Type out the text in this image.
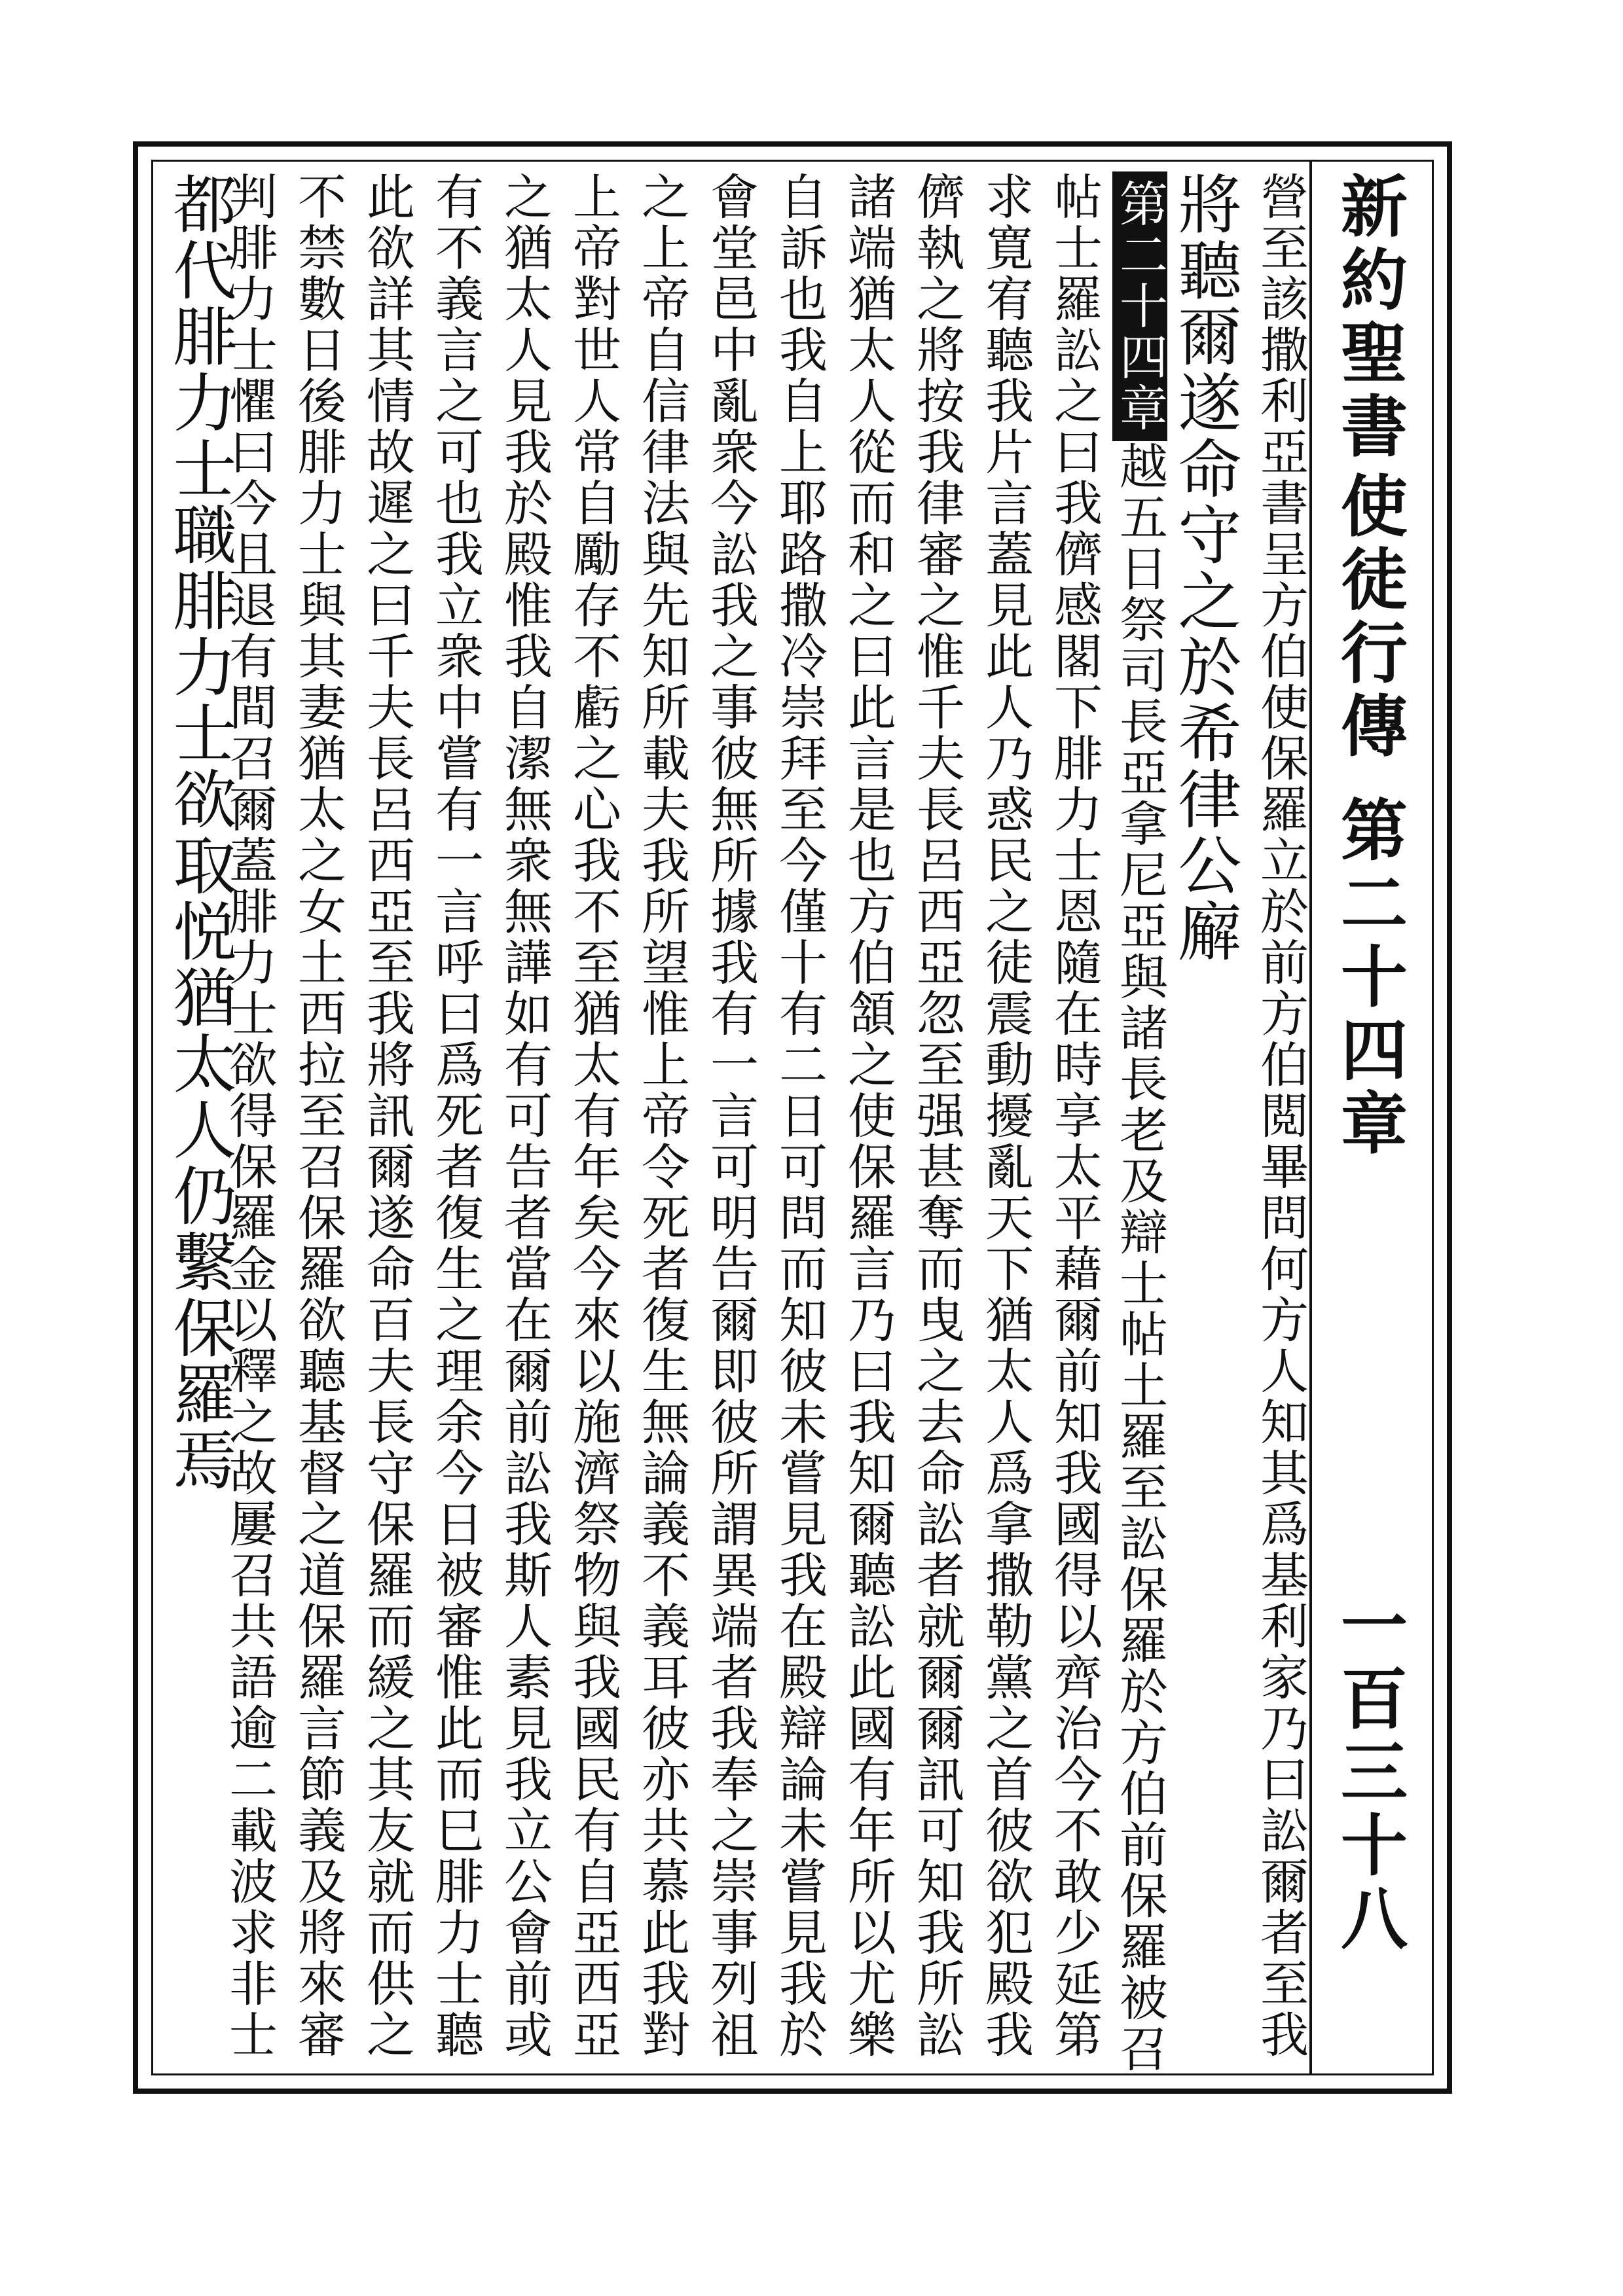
新約聖書
使徒行傳
第二十四章
一百三十八
營至該撒利亞書呈方伯使保羅立於前方伯閲畢問何方人知其爲基利家乃曰訟爾者至我
將聽爾遂命守之於希律公廨
第二十四章越五日祭司長亞拿尼亞與諸長老及辯士帖土羅至訟保羅於方伯前保羅被召
帖士羅訟之曰我儕感閣下腓力士恩隨在時享太平藉爾前知我國得以齊治今不敢少延第
求寛宥聽我片言蓋見此人乃惑民之徒震動擾亂天下猶太人爲拿撒勒黨之首彼欲犯殿我
儕執之將按我律審之惟千夫長呂西亞忽至强甚奪而曳之去命訟者就爾爾訊可知我所訟
諸端猶太人從而和之曰此言是也方伯頷之使保羅言乃曰我知爾聽訟此國有年所以尤樂
自訴也我自上耶路撒冷崇拜至今僅十有二日可問而知彼未嘗見我在殿辯論未嘗見我於
會堂邑中亂衆今訟我之事彼無所據我有一言可明告爾即彼所謂異端者我奉之崇事列祖
之上帝自信律法與先知所載夫我所望惟上帝令死者復生無論義不義耳彼亦共慕此我對
上帝對世人常自勵存不虧之心我不至猶太有年矣今來以施濟祭物與我國民有自亞西亞
之猶太人見我於殿惟我自潔無衆無譁如有可告者當在爾前訟我斯人素見我立公會前或
有不義言之可也我立衆中嘗有一言呼曰爲死者復生之理余今日被審惟此而巳腓力士聽
此欲詳其情故遲之曰千夫長呂西亞至我將訊爾遂命百夫長守保羅而緩之其友就而供之
不禁數日後腓力士與其妻猶太之女土西拉至召保羅欲聽基督之道保羅言節義及將來審
判腓力士懼曰今且退有間召爾蓋腓力士欲得保羅金以釋之故屢召共語逾二載波求非士
都代腓力士職腓力士欲取悦猶太人仍繫保羅焉
